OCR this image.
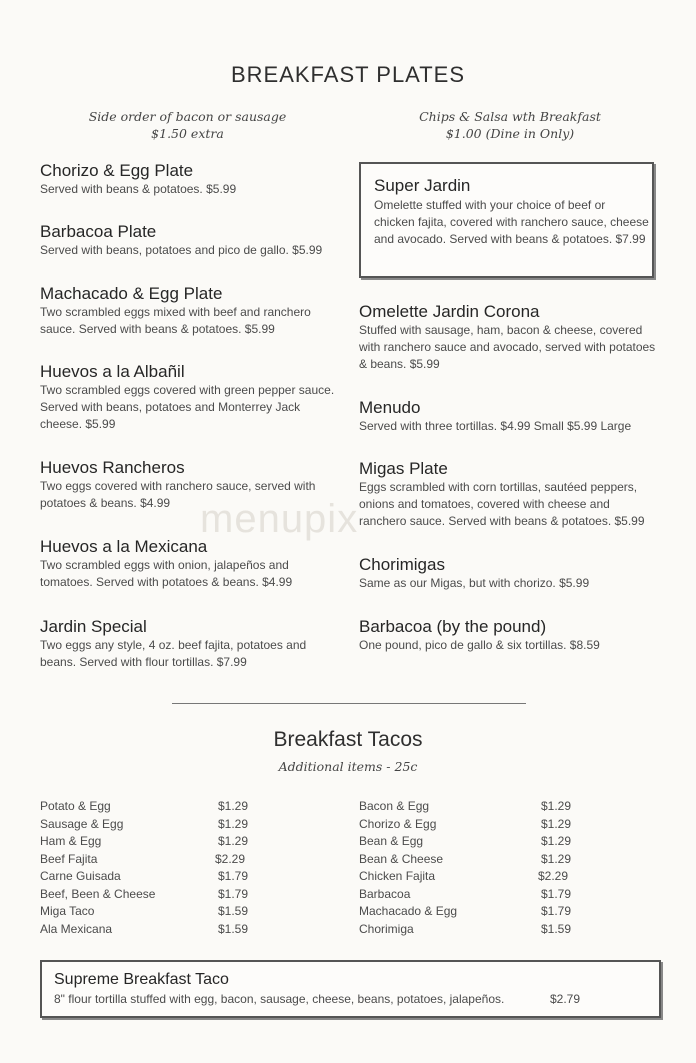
menupix
BREAKFAST PLATES
Side order of bacon or sausage
$1.50 extra
Chips & Salsa wth Breakfast
$1.00 (Dine in Only)
Chorizo & Egg Plate
Served with beans & potatoes. $5.99
Barbacoa Plate
Served with beans, potatoes and pico de gallo. $5.99
Machacado & Egg Plate
Two scrambled eggs mixed with beef and ranchero sauce. Served with beans & potatoes. $5.99
Huevos a la Albañil
Two scrambled eggs covered with green pepper sauce. Served with beans, potatoes and Monterrey Jack cheese. $5.99
Huevos Rancheros
Two eggs covered with ranchero sauce, served with potatoes & beans. $4.99
Huevos a la Mexicana
Two scrambled eggs with onion, jalapeños and tomatoes. Served with potatoes & beans. $4.99
Jardin Special
Two eggs any style, 4 oz. beef fajita, potatoes and beans. Served with flour tortillas. $7.99
Super Jardin
Omelette stuffed with your choice of beef or chicken fajita, covered with ranchero sauce, cheese and avocado. Served with beans & potatoes. $7.99
Omelette Jardin Corona
Stuffed with sausage, ham, bacon & cheese, covered with ranchero sauce and avocado, served with potatoes & beans. $5.99
Menudo
Served with three tortillas. $4.99 Small $5.99 Large
Migas Plate
Eggs scrambled with corn tortillas, sautéed peppers, onions and tomatoes, covered with cheese and ranchero sauce. Served with beans & potatoes. $5.99
Chorimigas
Same as our Migas, but with chorizo. $5.99
Barbacoa (by the pound)
One pound, pico de gallo & six tortillas. $8.59
Breakfast Tacos
Additional items - 25c
Potato & Egg	$1.29
Sausage & Egg	$1.29
Ham & Egg	$1.29
Beef Fajita	$2.29
Carne Guisada	$1.79
Beef, Been & Cheese	$1.79
Miga Taco	$1.59
Ala Mexicana	$1.59
Bacon & Egg	$1.29
Chorizo & Egg	$1.29
Bean & Egg	$1.29
Bean & Cheese	$1.29
Chicken Fajita	$2.29
Barbacoa	$1.79
Machacado & Egg	$1.79
Chorimiga	$1.59
Supreme Breakfast Taco
8" flour tortilla stuffed with egg, bacon, sausage, cheese, beans, potatoes, jalapeños.	$2.79
